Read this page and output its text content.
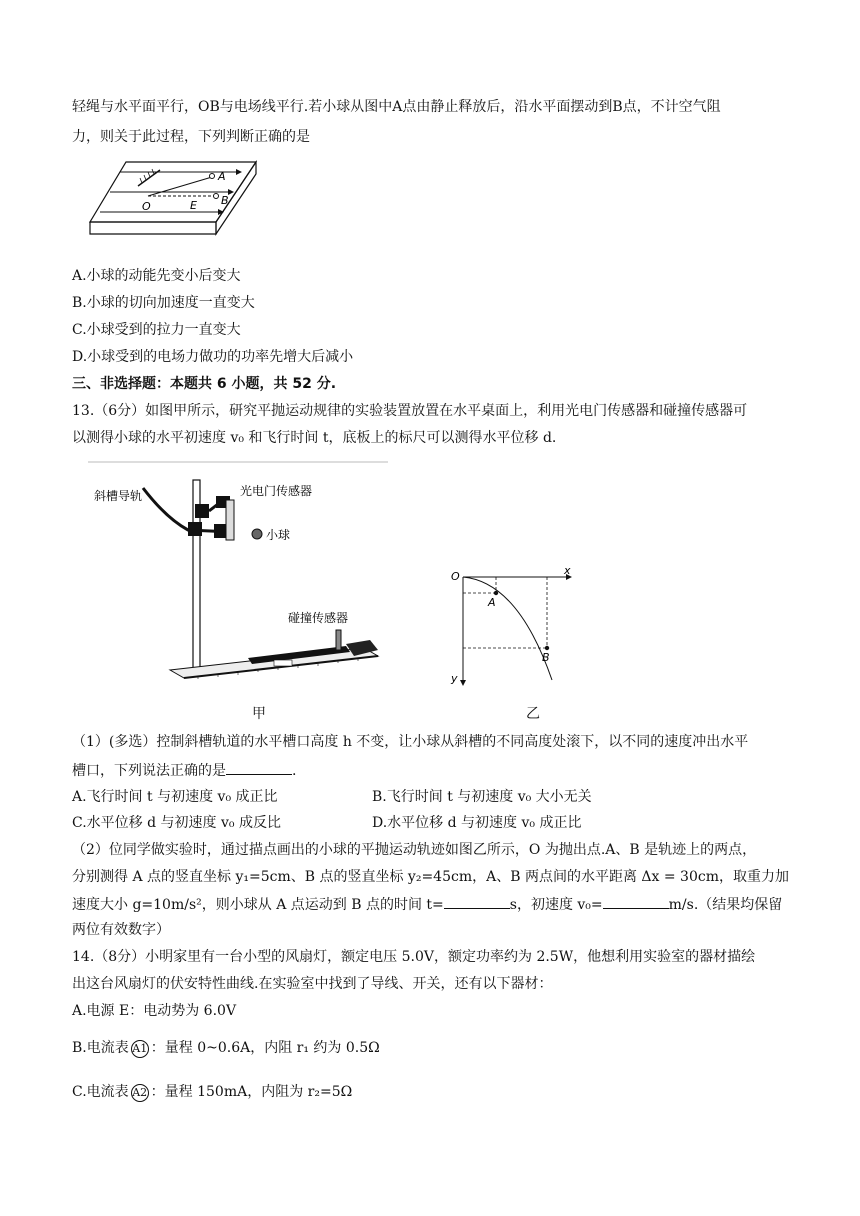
轻绳与水平面平行，OB与电场线平行.若小球从图中A点由静止释放后，沿水平面摆动到B点，不计空气阻
力，则关于此过程，下列判断正确的是
A
B
O	E
A.小球的动能先变小后变大
B.小球的切向加速度一直变大
C.小球受到的拉力一直变大
D.小球受到的电场力做功的功率先增大后减小
三、非选择题：本题共 6 小题，共 52 分.
13.（6分）如图甲所示，研究平抛运动规律的实验装置放置在水平桌面上，利用光电门传感器和碰撞传感器可
以测得小球的水平初速度 v₀ 和飞行时间 t，底板上的标尺可以测得水平位移 d.
斜槽导轨	光电门传感器
小球
碰撞传感器
甲
O	x
y
A
B
乙
（1）(多选）控制斜槽轨道的水平槽口高度 h 不变，让小球从斜槽的不同高度处滚下，以不同的速度冲出水平
槽口，下列说法正确的是	.
A.飞行时间 t 与初速度 v₀ 成正比	B.飞行时间 t 与初速度 v₀ 大小无关
C.水平位移 d 与初速度 v₀ 成反比	D.水平位移 d 与初速度 v₀ 成正比
（2）位同学做实验时，通过描点画出的小球的平抛运动轨迹如图乙所示，O 为抛出点.A、B 是轨迹上的两点，
分别测得 A 点的竖直坐标 y₁=5cm、B 点的竖直坐标 y₂=45cm，A、B 两点间的水平距离 Δx = 30cm，取重力加
速度大小 g=10m/s²，则小球从 A 点运动到 B 点的时间 t=	s，初速度 v₀=	m/s.（结果均保留
两位有效数字）
14.（8分）小明家里有一台小型的风扇灯，额定电压 5.0V，额定功率约为 2.5W，他想利用实验室的器材描绘
出这台风扇灯的伏安特性曲线.在实验室中找到了导线、开关，还有以下器材：
A.电源 E：电动势为 6.0V
B.电流表 A1 ：量程 0~0.6A，内阻 r₁ 约为 0.5Ω
C.电流表 A2 ：量程 150mA，内阻为 r₂=5Ω
